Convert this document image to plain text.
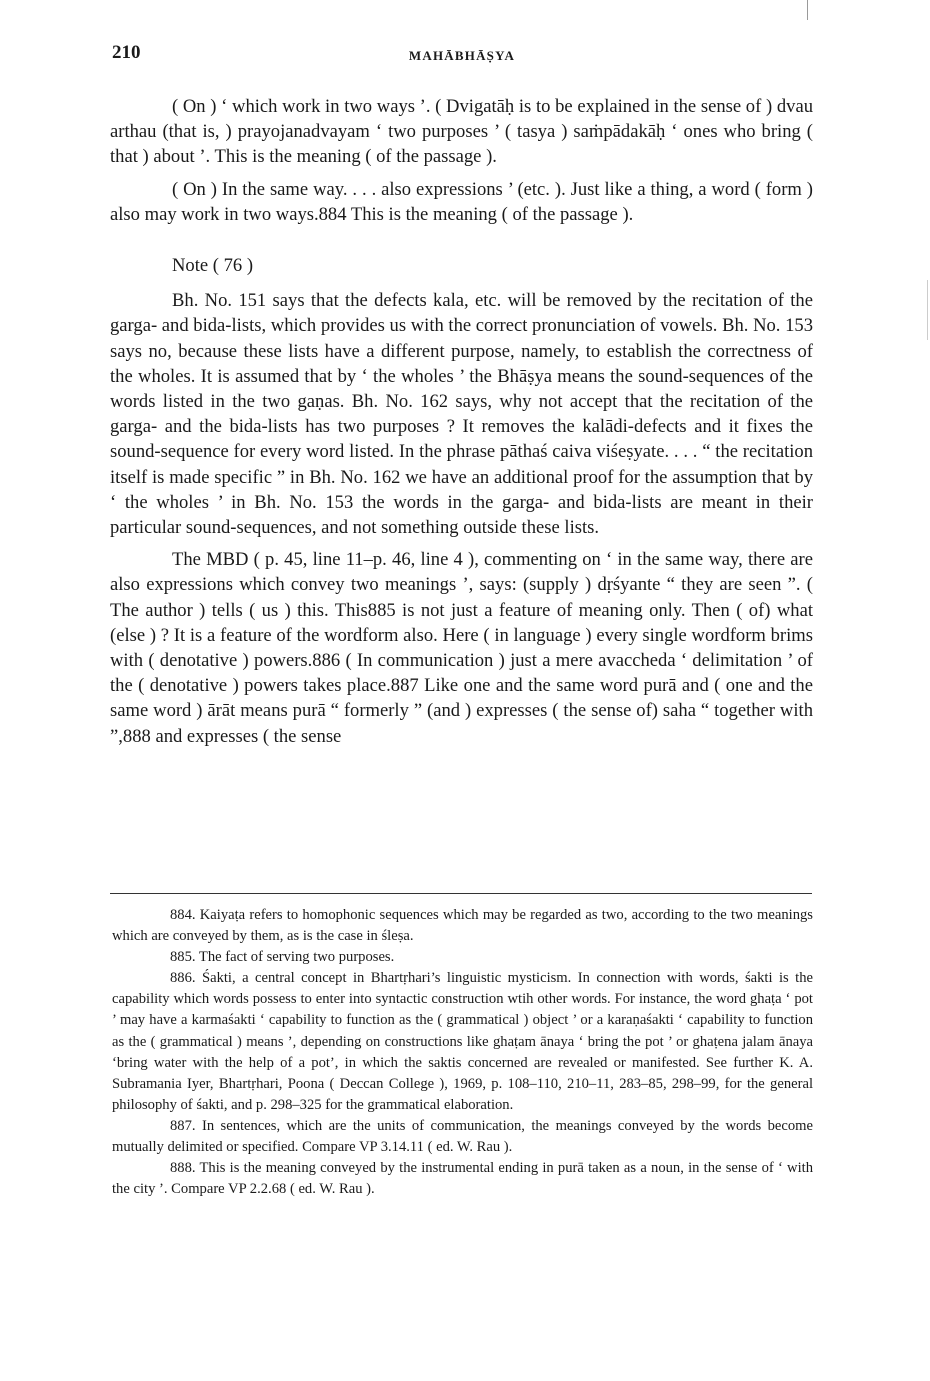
210	MAHĀBHĀṢYA

( On ) ‘ which work in two ways ’. ( Dvigatāḥ is to be explained in the sense of ) dvau arthau (that is, ) prayojanadvayam ‘ two purposes ’ ( tasya ) saṁpādakāḥ ‘ ones who bring ( that ) about ’. This is the meaning ( of the passage ).

( On ) In the same way. . . . also expressions ’ (etc. ). Just like a thing, a word ( form ) also may work in two ways.884 This is the meaning ( of the passage ).

Note ( 76 )

Bh. No. 151 says that the defects kala, etc. will be removed by the recitation of the garga- and bida-lists, which provides us with the correct pronunciation of vowels. Bh. No. 153 says no, because these lists have a different purpose, namely, to establish the correctness of the wholes. It is assumed that by ‘ the wholes ’ the Bhāṣya means the sound-sequences of the words listed in the two gaṇas. Bh. No. 162 says, why not accept that the recitation of the garga- and the bida-lists has two purposes ? It removes the kalādi-defects and it fixes the sound-sequence for every word listed. In the phrase pāthaś caiva viśeṣyate. . . . “ the recitation itself is made specific ” in Bh. No. 162 we have an additional proof for the assumption that by ‘ the wholes ’ in Bh. No. 153 the words in the garga- and bida-lists are meant in their particular sound-sequences, and not something outside these lists.

The MBD ( p. 45, line 11–p. 46, line 4 ), commenting on ‘ in the same way, there are also expressions which convey two meanings ’, says: (supply ) dṛśyante “ they are seen ”. ( The author ) tells ( us ) this. This885 is not just a feature of meaning only. Then ( of) what (else ) ? It is a feature of the wordform also. Here ( in language ) every single wordform brims with ( denotative ) powers.886 ( In communication ) just a mere avaccheda ‘ delimitation ’ of the ( denotative ) powers takes place.887 Like one and the same word purā and ( one and the same word ) ārāt means purā “ formerly ” (and ) expresses ( the sense of) saha “ together with ”,888 and expresses ( the sense

884. Kaiyaṭa refers to homophonic sequences which may be regarded as two, according to the two meanings which are conveyed by them, as is the case in śleṣa.

885. The fact of serving two purposes.

886. Śakti, a central concept in Bhartṛhari’s linguistic mysticism. In connection with words, śakti is the capability which words possess to enter into syntactic construction wtih other words. For instance, the word ghaṭa ‘ pot ’ may have a karmaśakti ‘ capability to function as the ( grammatical ) object ’ or a karaṇaśakti ‘ capability to function as the ( grammatical ) means ’, depending on constructions like ghaṭam ānaya ‘ bring the pot ’ or ghaṭena jalam ānaya ‘bring water with the help of a pot’, in which the saktis concerned are revealed or manifested. See further K. A. Subramania Iyer, Bhartṛhari, Poona ( Deccan College ), 1969, p. 108–110, 210–11, 283–85, 298–99, for the general philosophy of śakti, and p. 298–325 for the grammatical elaboration.

887. In sentences, which are the units of communication, the meanings conveyed by the words become mutually delimited or specified. Compare VP 3.14.11 ( ed. W. Rau ).

888. This is the meaning conveyed by the instrumental ending in purā taken as a noun, in the sense of ‘ with the city ’. Compare VP 2.2.68 ( ed. W. Rau ).
